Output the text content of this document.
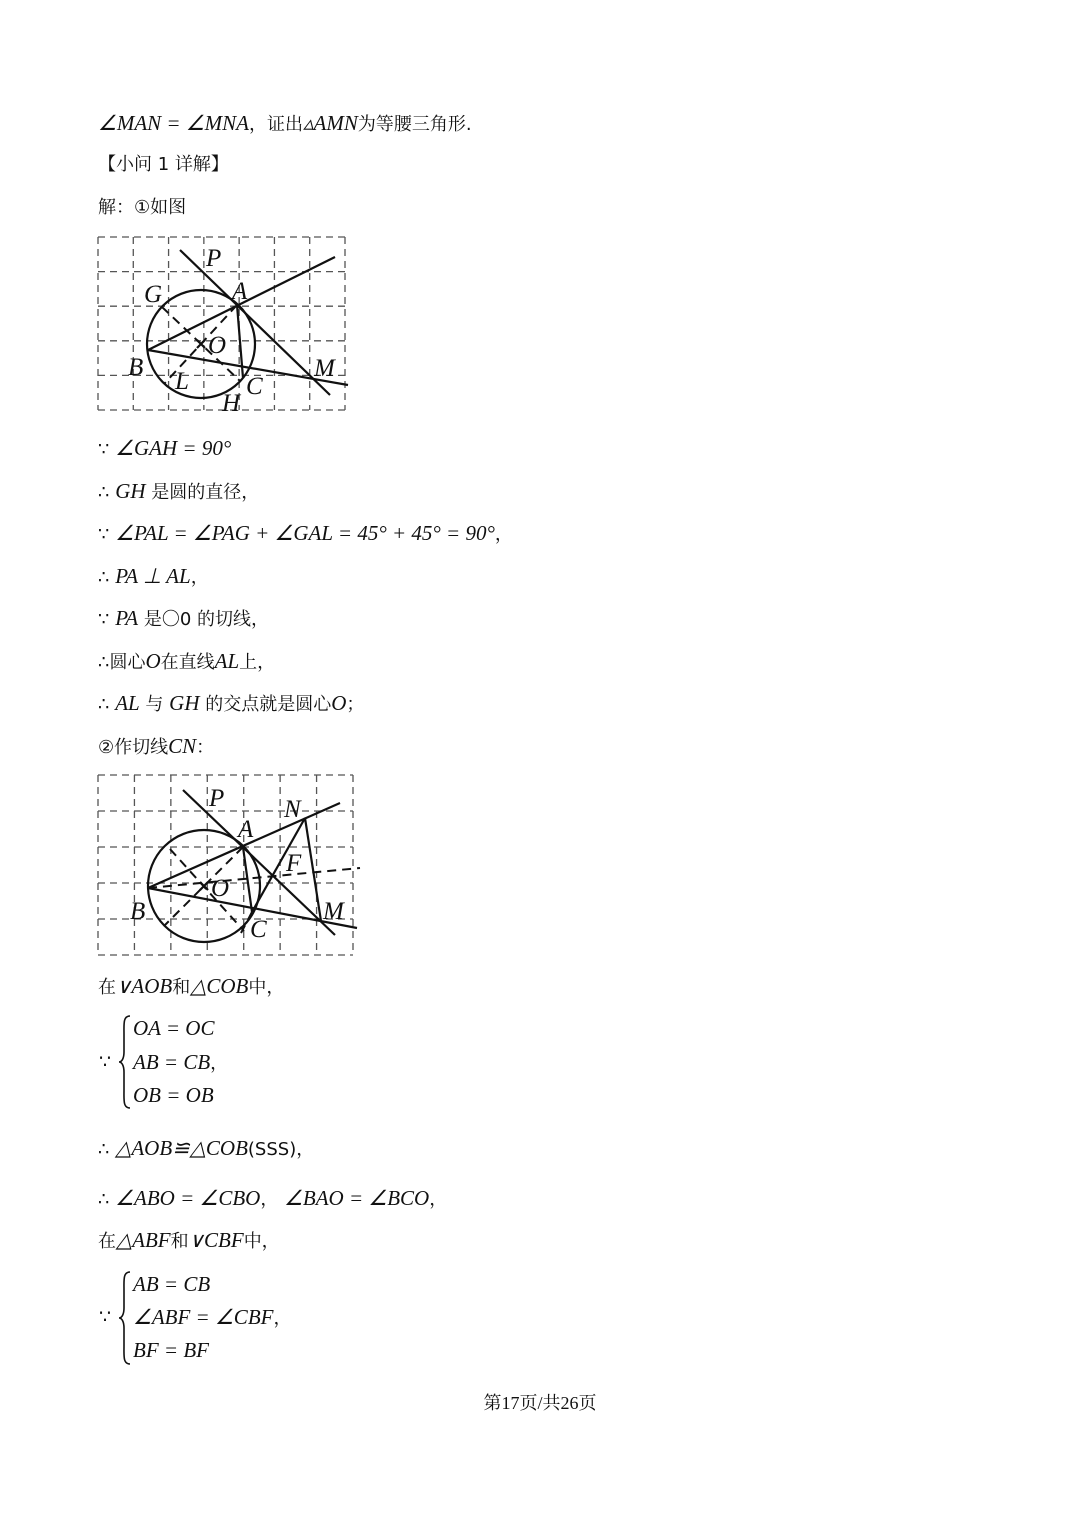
∠MAN = ∠MNA，证出▵AMN为等腰三角形.
【小问 1 详解】
解：①如图
P
A
G
O
B
L C
H
M
∵ ∠GAH = 90°
∴ GH 是圆的直径，
∵ ∠PAL = ∠PAG + ∠GAL = 45° + 45° = 90°，
∴ PA ⊥ AL，
∵ PA 是〇0 的切线，
∴圆心O在直线AL上，
∴ AL 与 GH 的交点就是圆心O；
②作切线CN：
P N
A
F
O
B	M
C
在∨AOB和△COB中，
∵
OA = OC
AB = CB，
OB = OB
∴ △AOB≌△COB(SSS)，
∴ ∠ABO = ∠CBO， ∠BAO = ∠BCO，
在△ABF和∨CBF中，
∵
AB = CB
∠ABF = ∠CBF，
BF = BF
第17页/共26页
